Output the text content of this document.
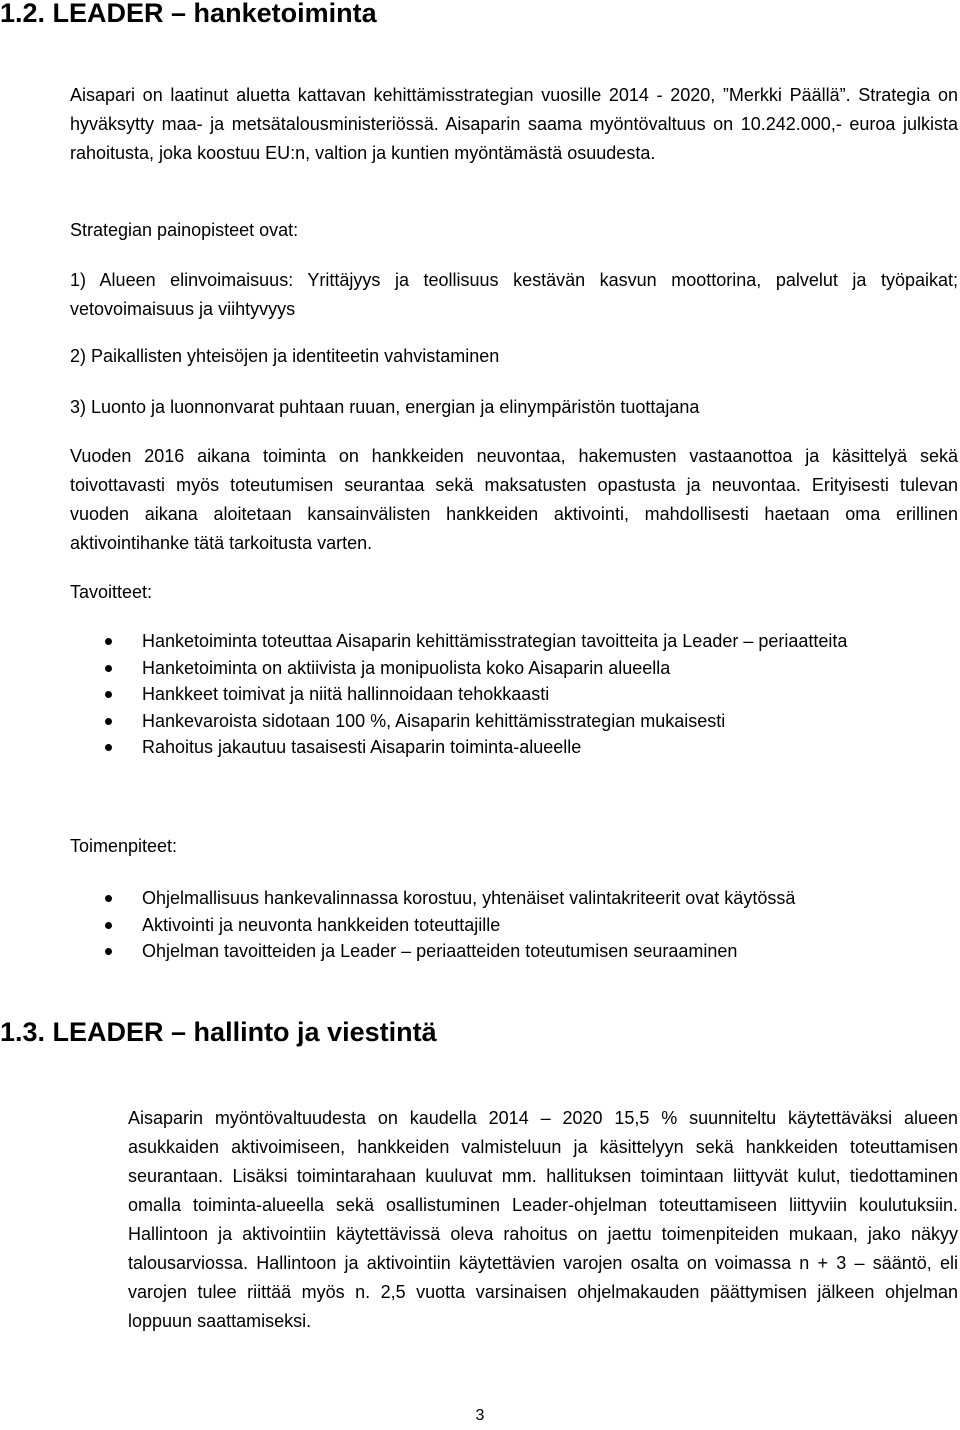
1.2. LEADER – hanketoiminta

Aisapari on laatinut aluetta kattavan kehittämisstrategian vuosille 2014 - 2020, ”Merkki Päällä”. Strategia on hyväksytty maa- ja metsätalousministeriössä. Aisaparin saama myöntövaltuus on 10.242.000,- euroa julkista rahoitusta, joka koostuu EU:n, valtion ja kuntien myöntämästä osuudesta.

Strategian painopisteet ovat:

1) Alueen elinvoimaisuus: Yrittäjyys ja teollisuus kestävän kasvun moottorina, palvelut ja työpaikat; vetovoimaisuus ja viihtyvyys

2) Paikallisten yhteisöjen ja identiteetin vahvistaminen

3) Luonto ja luonnonvarat puhtaan ruuan, energian ja elinympäristön tuottajana

Vuoden 2016 aikana toiminta on hankkeiden neuvontaa, hakemusten vastaanottoa ja käsittelyä sekä toivottavasti myös toteutumisen seurantaa sekä maksatusten opastusta ja neuvontaa. Erityisesti tulevan vuoden aikana aloitetaan kansainvälisten hankkeiden aktivointi, mahdollisesti haetaan oma erillinen aktivointihanke tätä tarkoitusta varten.

Tavoitteet:

Hanketoiminta toteuttaa Aisaparin kehittämisstrategian tavoitteita ja Leader – periaatteita
Hanketoiminta on aktiivista ja monipuolista koko Aisaparin alueella
Hankkeet toimivat ja niitä hallinnoidaan tehokkaasti
Hankevaroista sidotaan 100 %, Aisaparin kehittämisstrategian mukaisesti
Rahoitus jakautuu tasaisesti Aisaparin toiminta-alueelle

Toimenpiteet:

Ohjelmallisuus hankevalinnassa korostuu, yhtenäiset valintakriteerit ovat käytössä
Aktivointi ja neuvonta hankkeiden toteuttajille
Ohjelman tavoitteiden ja Leader – periaatteiden toteutumisen seuraaminen
1.3. LEADER – hallinto ja viestintä

Aisaparin myöntövaltuudesta on kaudella 2014 – 2020 15,5 % suunniteltu käytettäväksi alueen asukkaiden aktivoimiseen, hankkeiden valmisteluun ja käsittelyyn sekä hankkeiden toteuttamisen seurantaan. Lisäksi toimintarahaan kuuluvat mm. hallituksen toimintaan liittyvät kulut, tiedottaminen omalla toiminta-alueella sekä osallistuminen Leader-ohjelman toteuttamiseen liittyviin koulutuksiin. Hallintoon ja aktivointiin käytettävissä oleva rahoitus on jaettu toimenpiteiden mukaan, jako näkyy talousarviossa. Hallintoon ja aktivointiin käytettävien varojen osalta on voimassa n + 3 – sääntö, eli varojen tulee riittää myös n. 2,5 vuotta varsinaisen ohjelmakauden päättymisen jälkeen ohjelman loppuun saattamiseksi.

3
